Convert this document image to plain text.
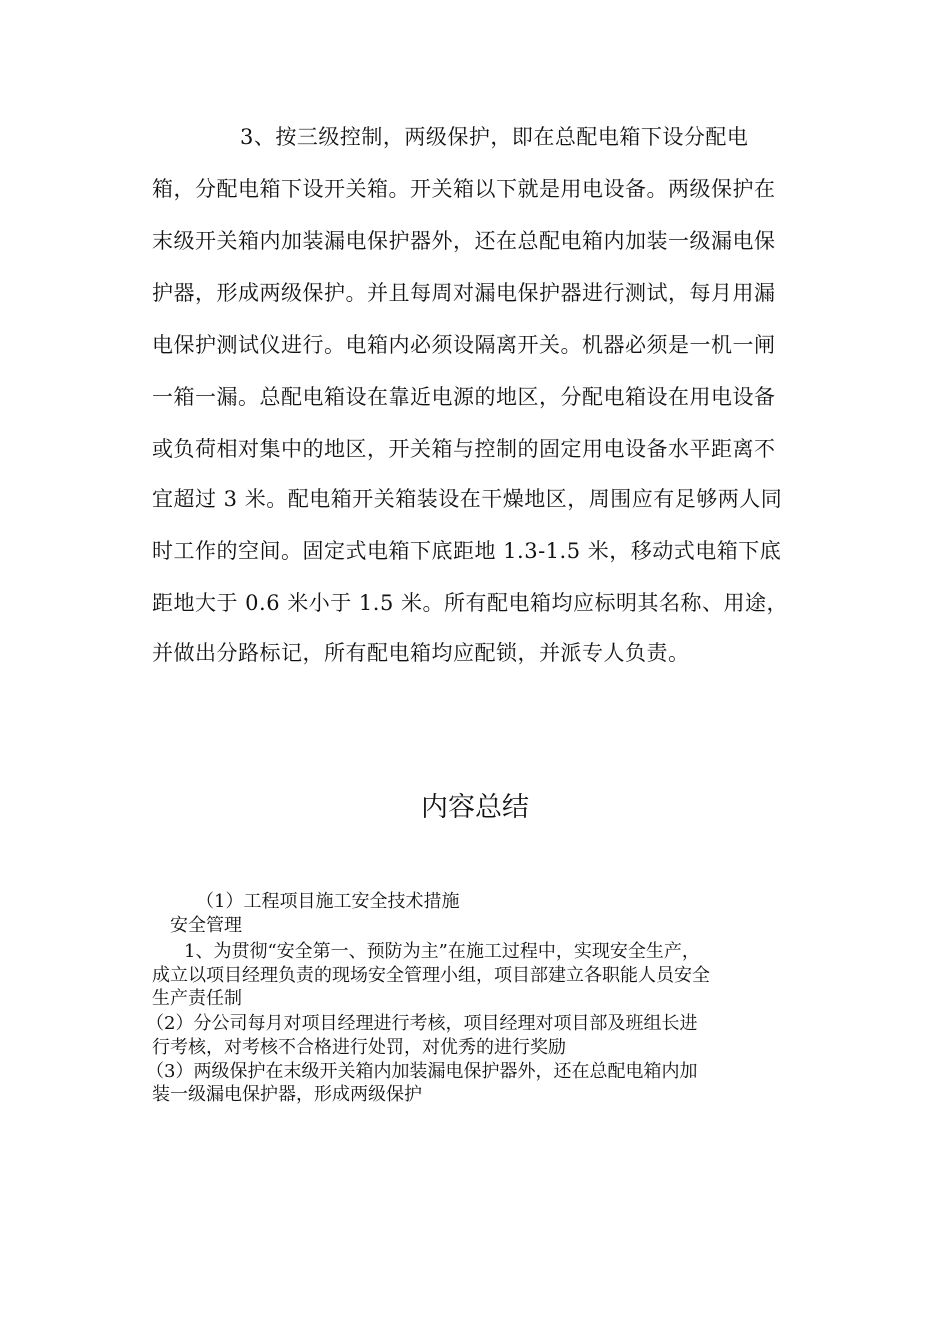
3、按三级控制，两级保护，即在总配电箱下设分配电
箱，分配电箱下设开关箱。开关箱以下就是用电设备。两级保护在
末级开关箱内加装漏电保护器外，还在总配电箱内加装一级漏电保
护器，形成两级保护。并且每周对漏电保护器进行测试，每月用漏
电保护测试仪进行。电箱内必须设隔离开关。机器必须是一机一闸
一箱一漏。总配电箱设在靠近电源的地区，分配电箱设在用电设备
或负荷相对集中的地区，开关箱与控制的固定用电设备水平距离不
宜超过 3 米。配电箱开关箱装设在干燥地区，周围应有足够两人同
时工作的空间。固定式电箱下底距地 1.3-1.5 米，移动式电箱下底
距地大于 0.6 米小于 1.5 米。所有配电箱均应标明其名称、用途，
并做出分路标记，所有配电箱均应配锁，并派专人负责。
内容总结
（1）工程项目施工安全技术措施
安全管理
1、为贯彻“安全第一、预防为主”在施工过程中，实现安全生产，
成立以项目经理负责的现场安全管理小组，项目部建立各职能人员安全
生产责任制
（2）分公司每月对项目经理进行考核，项目经理对项目部及班组长进
行考核，对考核不合格进行处罚，对优秀的进行奖励
（3）两级保护在末级开关箱内加装漏电保护器外，还在总配电箱内加
装一级漏电保护器，形成两级保护
